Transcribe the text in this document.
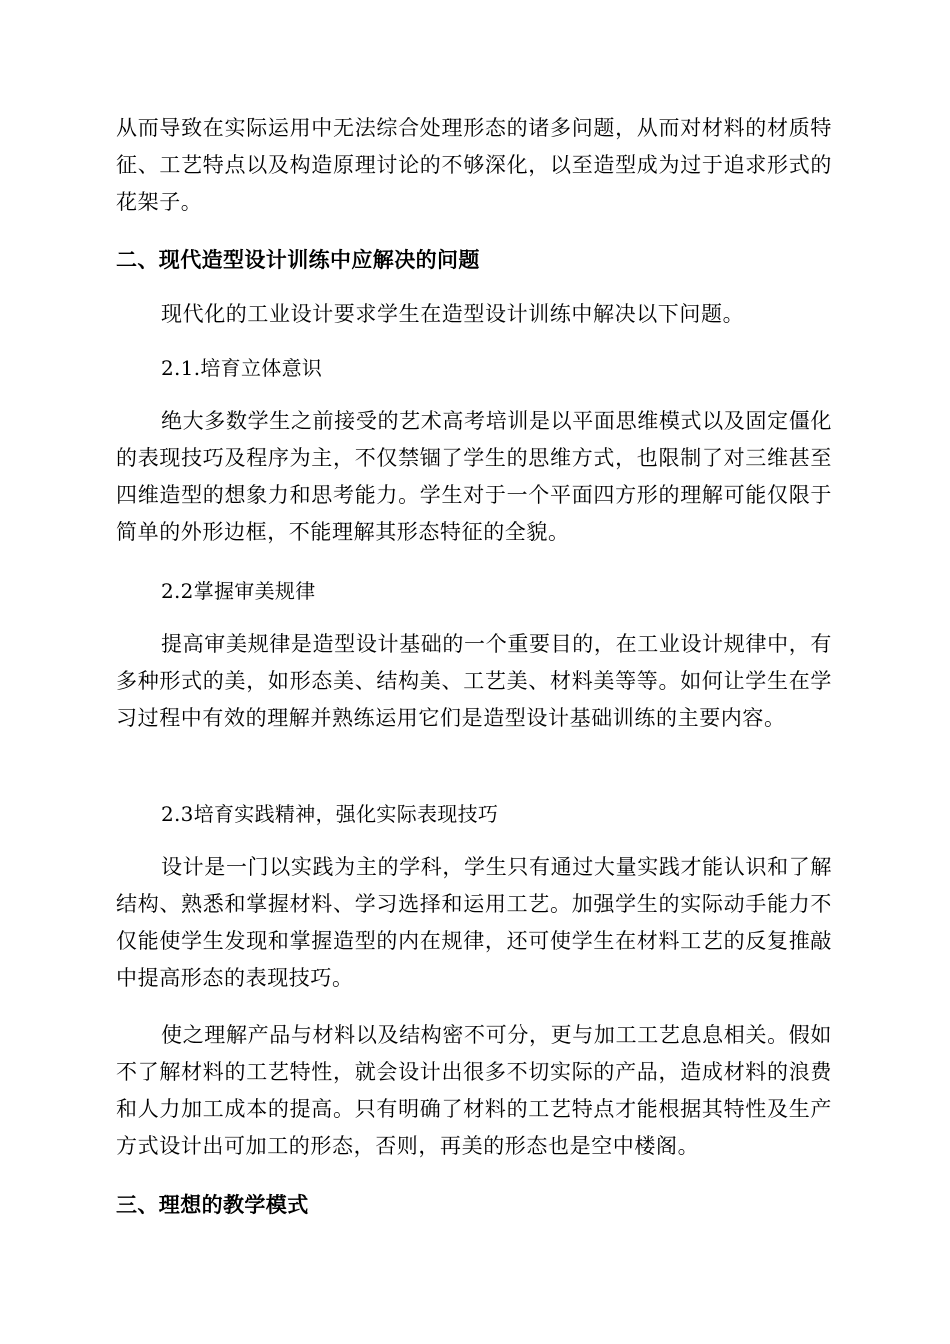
从而导致在实际运用中无法综合处理形态的诸多问题，从而对材料的材质特征、工艺特点以及构造原理讨论的不够深化，以至造型成为过于追求形式的花架子。

二、现代造型设计训练中应解决的问题

现代化的工业设计要求学生在造型设计训练中解决以下问题。

2.1.培育立体意识

绝大多数学生之前接受的艺术高考培训是以平面思维模式以及固定僵化的表现技巧及程序为主，不仅禁锢了学生的思维方式，也限制了对三维甚至四维造型的想象力和思考能力。学生对于一个平面四方形的理解可能仅限于简单的外形边框，不能理解其形态特征的全貌。

2.2掌握审美规律

提高审美规律是造型设计基础的一个重要目的，在工业设计规律中，有多种形式的美，如形态美、结构美、工艺美、材料美等等。如何让学生在学习过程中有效的理解并熟练运用它们是造型设计基础训练的主要内容。

2.3培育实践精神，强化实际表现技巧

设计是一门以实践为主的学科，学生只有通过大量实践才能认识和了解结构、熟悉和掌握材料、学习选择和运用工艺。加强学生的实际动手能力不仅能使学生发现和掌握造型的内在规律，还可使学生在材料工艺的反复推敲中提高形态的表现技巧。

使之理解产品与材料以及结构密不可分，更与加工工艺息息相关。假如不了解材料的工艺特性，就会设计出很多不切实际的产品，造成材料的浪费和人力加工成本的提高。只有明确了材料的工艺特点才能根据其特性及生产方式设计出可加工的形态，否则，再美的形态也是空中楼阁。

三、理想的教学模式
